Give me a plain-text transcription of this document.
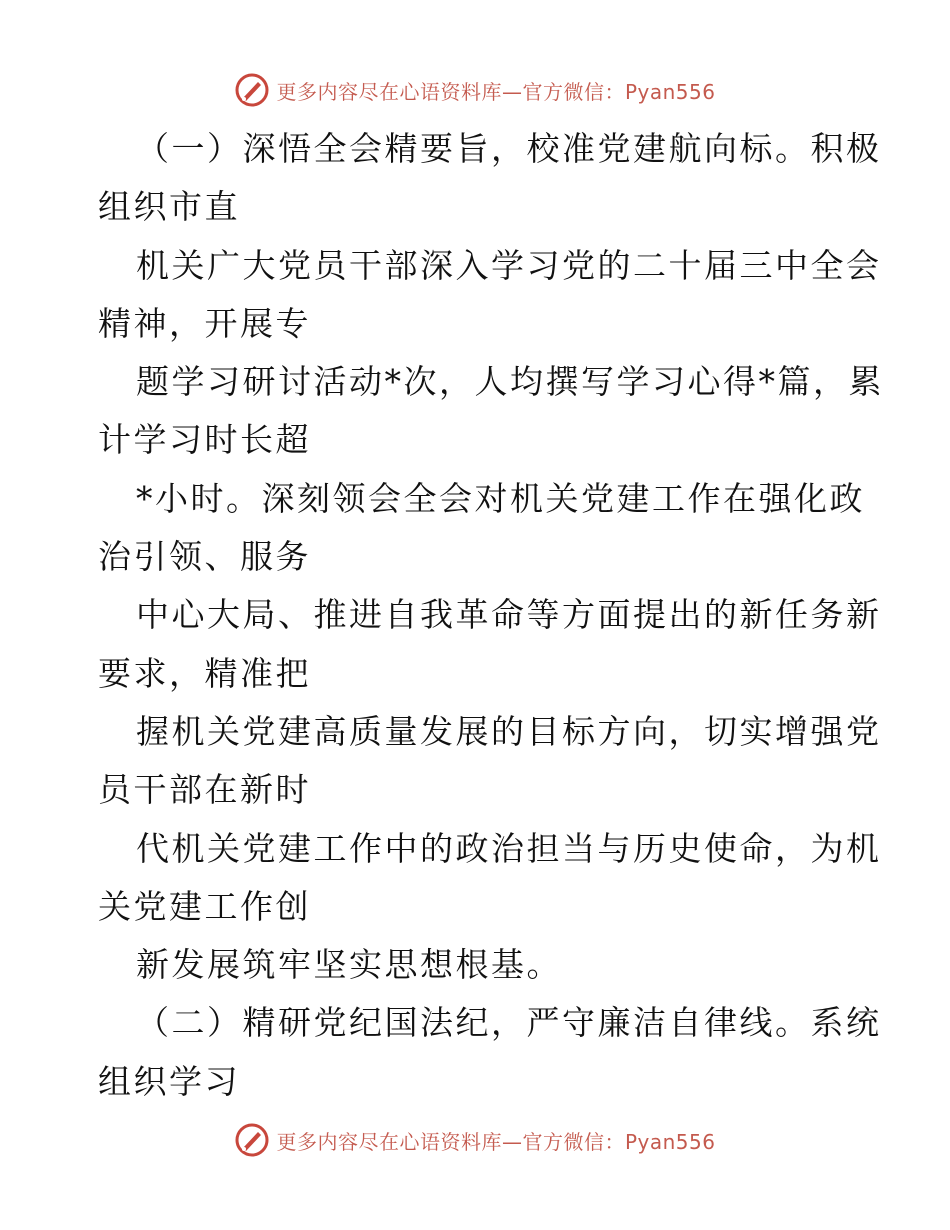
更多内容尽在心语资料库—官方微信：Pyan556
（一）深悟全会精要旨，校准党建航向标。积极
组织市直
机关广大党员干部深入学习党的二十届三中全会
精神，开展专
题学习研讨活动*次，人均撰写学习心得*篇，累
计学习时长超
*小时。深刻领会全会对机关党建工作在强化政
治引领、服务
中心大局、推进自我革命等方面提出的新任务新
要求，精准把
握机关党建高质量发展的目标方向，切实增强党
员干部在新时
代机关党建工作中的政治担当与历史使命，为机
关党建工作创
新发展筑牢坚实思想根基。
（二）精研党纪国法纪，严守廉洁自律线。系统
组织学习
更多内容尽在心语资料库—官方微信：Pyan556
